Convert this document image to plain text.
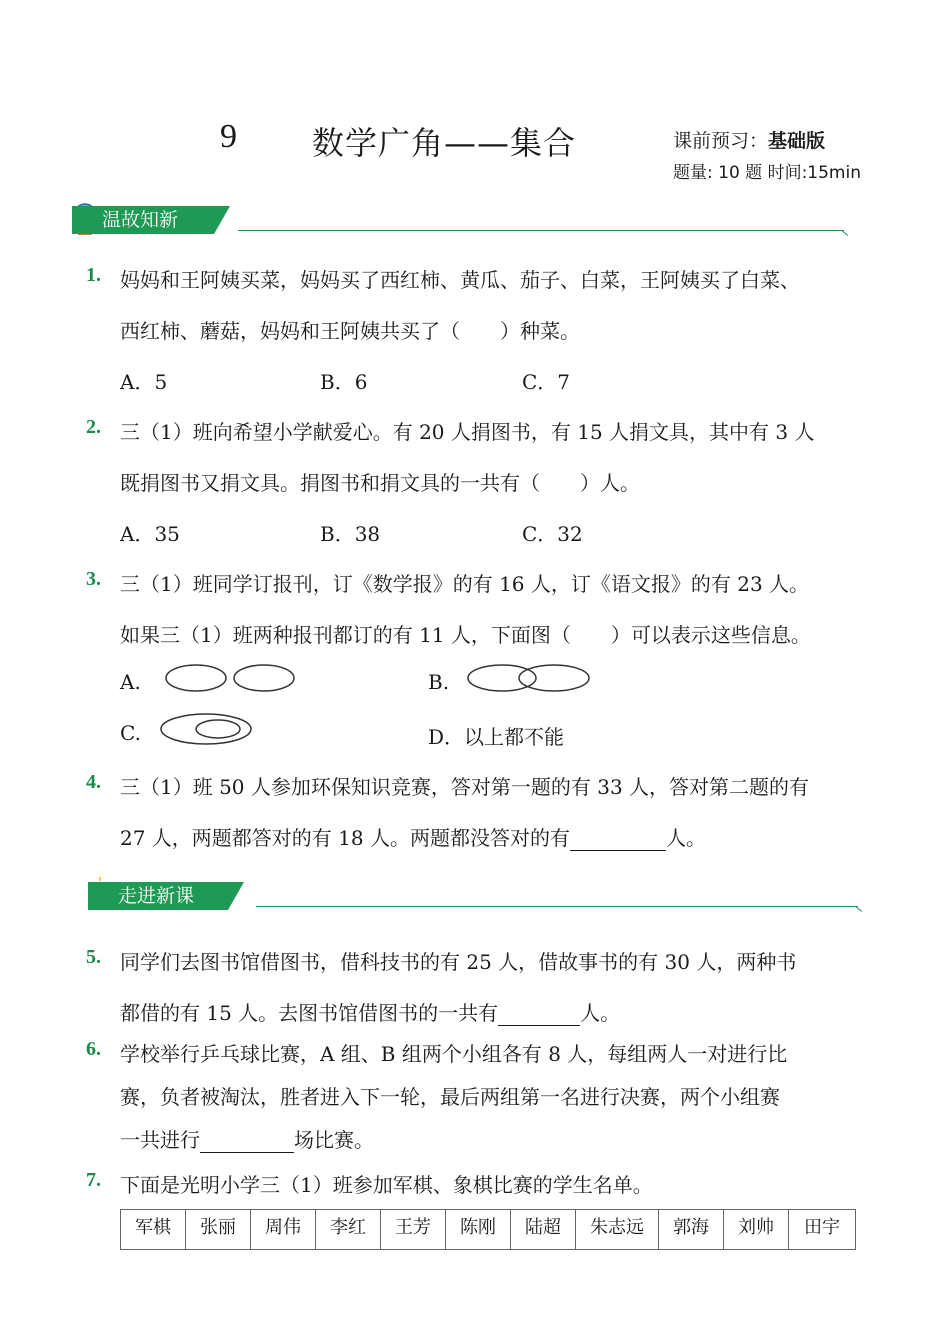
9 数学广角——集合	课前预习：基础版
题量: 10 题 时间:15min
温故知新
1. 妈妈和王阿姨买菜，妈妈买了西红柿、黄瓜、茄子、白菜，王阿姨买了白菜、
西红柿、蘑菇，妈妈和王阿姨共买了（　　）种菜。
A．5	B．6	C．7
2. 三（1）班向希望小学献爱心。有 20 人捐图书，有 15 人捐文具，其中有 3 人
既捐图书又捐文具。捐图书和捐文具的一共有（　　）人。
A．35	B．38	C．32
3. 三（1）班同学订报刊，订《数学报》的有 16 人，订《语文报》的有 23 人。
如果三（1）班两种报刊都订的有 11 人，下面图（　　）可以表示这些信息。
A.	B.
C.	D．以上都不能
4. 三（1）班 50 人参加环保知识竞赛，答对第一题的有 33 人，答对第二题的有
27 人，两题都答对的有 18 人。两题都没答对的有	人。
走进新课
5. 同学们去图书馆借图书，借科技书的有 25 人，借故事书的有 30 人，两种书
都借的有 15 人。去图书馆借图书的一共有	人。
6. 学校举行乒乓球比赛，A 组、B 组两个小组各有 8 人，每组两人一对进行比
赛，负者被淘汰，胜者进入下一轮，最后两组第一名进行决赛，两个小组赛
一共进行	场比赛。
7. 下面是光明小学三（1）班参加军棋、象棋比赛的学生名单。
军棋	张丽	周伟	李红	王芳	陈刚	陆超	朱志远	郭海	刘帅	田宇
